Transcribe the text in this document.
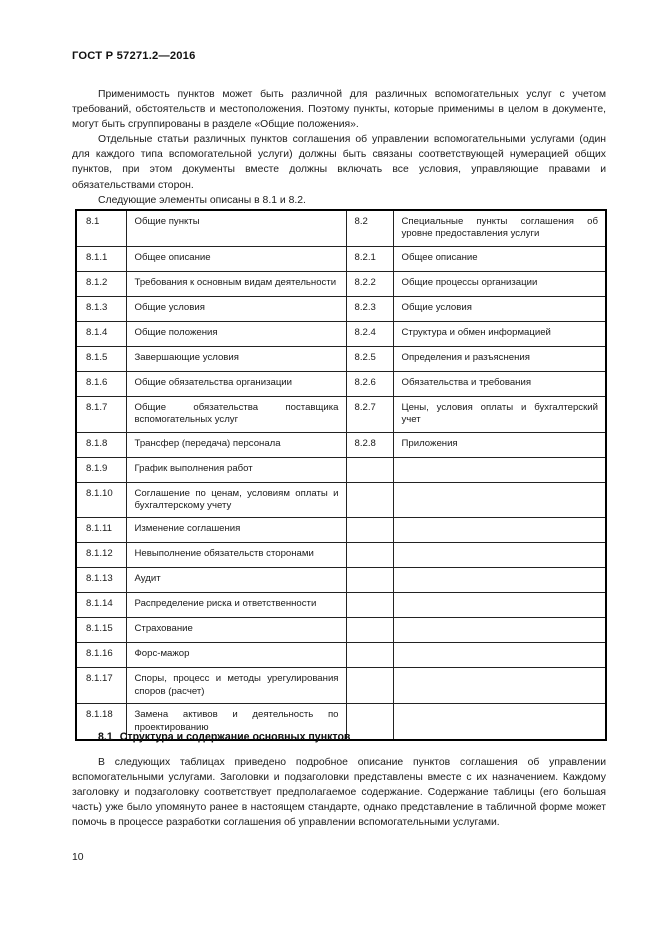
ГОСТ Р 57271.2—2016

Применимость пунктов может быть различной для различных вспомогательных услуг с учетом требований, обстоятельств и местоположения. Поэтому пункты, которые применимы в целом в документе, могут быть сгруппированы в разделе «Общие положения».

Отдельные статьи различных пунктов соглашения об управлении вспомогательными услугами (один для каждого типа вспомогательной услуги) должны быть связаны соответствующей нумерацией общих пунктов, при этом документы вместе должны включать все условия, управляющие правами и обязательствами сторон.

Следующие элементы описаны в 8.1 и 8.2.

8.1	Общие пункты	8.2	Специальные пункты соглашения об уровне предоставления услуги
8.1.1	Общее описание	8.2.1	Общее описание
8.1.2	Требования к основным видам деятельности	8.2.2	Общие процессы организации
8.1.3	Общие условия	8.2.3	Общие условия
8.1.4	Общие положения	8.2.4	Структура и обмен информацией
8.1.5	Завершающие условия	8.2.5	Определения и разъяснения
8.1.6	Общие обязательства организации	8.2.6	Обязательства и требования
8.1.7	Общие обязательства поставщика вспомогательных услуг	8.2.7	Цены, условия оплаты и бухгалтерский учет
8.1.8	Трансфер (передача) персонала	8.2.8	Приложения
8.1.9	График выполнения работ		
8.1.10	Соглашение по ценам, условиям оплаты и бухгалтерскому учету		
8.1.11	Изменение соглашения		
8.1.12	Невыполнение обязательств сторонами		
8.1.13	Аудит		
8.1.14	Распределение риска и ответственности		
8.1.15	Страхование		
8.1.16	Форс-мажор		
8.1.17	Споры, процесс и методы урегулирования споров (расчет)		
8.1.18	Замена активов и деятельность по проектированию		
8.1 Структура и содержание основных пунктов

В следующих таблицах приведено подробное описание пунктов соглашения об управлении вспомогательными услугами. Заголовки и подзаголовки представлены вместе с их назначением. Каждому заголовку и подзаголовку соответствует предполагаемое содержание. Содержание таблицы (его большая часть) уже было упомянуто ранее в настоящем стандарте, однако представление в табличной форме может помочь в процессе разработки соглашения об управлении вспомогательными услугами.

10
